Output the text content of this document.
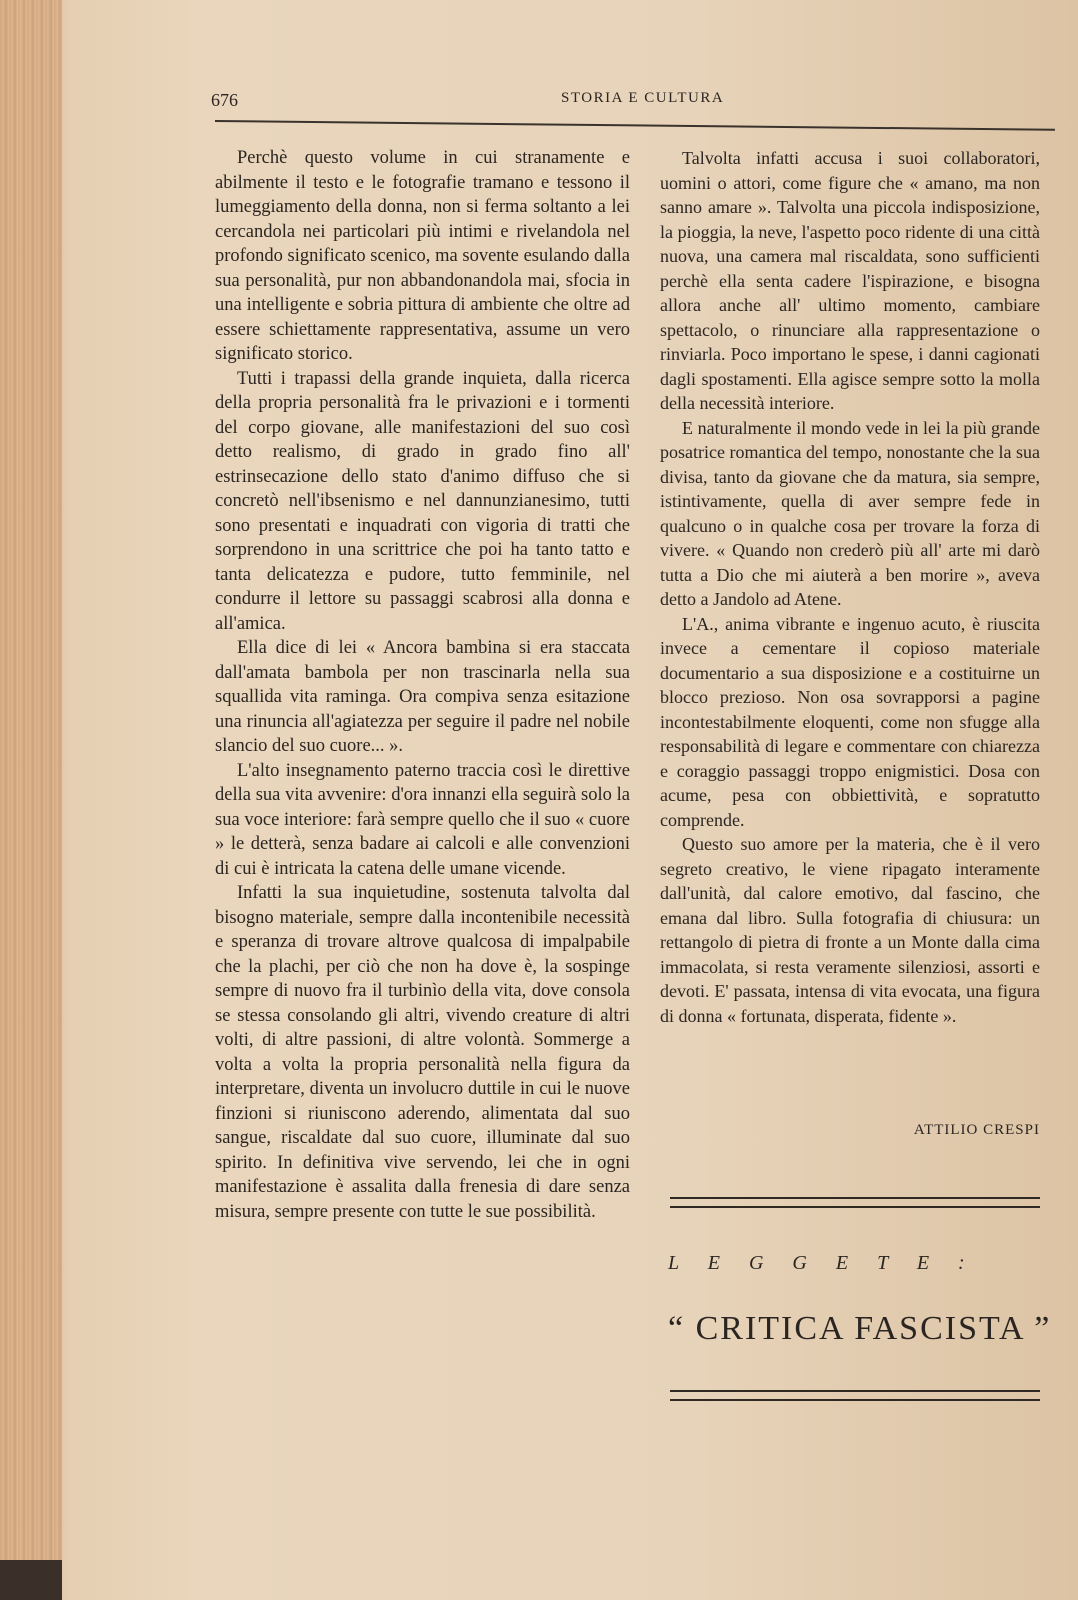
676	STORIA E CULTURA

Perchè questo volume in cui stranamente e abilmente il testo e le fotografie tramano e tessono il lumeggiamento della donna, non si ferma soltanto a lei cercandola nei particolari più intimi e rivelandola nel profondo significato scenico, ma sovente esulando dalla sua personalità, pur non abbandonandola mai, sfocia in una intelligente e sobria pittura di ambiente che oltre ad essere schiettamente rappresentativa, assume un vero significato storico.

Tutti i trapassi della grande inquieta, dalla ricerca della propria personalità fra le privazioni e i tormenti del corpo giovane, alle manifestazioni del suo così detto realismo, di grado in grado fino all' estrinsecazione dello stato d'animo diffuso che si concretò nell'ibsenismo e nel dannunzianesimo, tutti sono presentati e inquadrati con vigoria di tratti che sorprendono in una scrittrice che poi ha tanto tatto e tanta delicatezza e pudore, tutto femminile, nel condurre il lettore su passaggi scabrosi alla donna e all'amica.

Ella dice di lei « Ancora bambina si era staccata dall'amata bambola per non trascinarla nella sua squallida vita raminga. Ora compiva senza esitazione una rinuncia all'agiatezza per seguire il padre nel nobile slancio del suo cuore... ».

L'alto insegnamento paterno traccia così le direttive della sua vita avvenire: d'ora innanzi ella seguirà solo la sua voce interiore: farà sempre quello che il suo « cuore » le detterà, senza badare ai calcoli e alle convenzioni di cui è intricata la catena delle umane vicende.

Infatti la sua inquietudine, sostenuta talvolta dal bisogno materiale, sempre dalla incontenibile necessità e speranza di trovare altrove qualcosa di impalpabile che la plachi, per ciò che non ha dove è, la sospinge sempre di nuovo fra il turbinìo della vita, dove consola se stessa consolando gli altri, vivendo creature di altri volti, di altre passioni, di altre volontà. Sommerge a volta a volta la propria personalità nella figura da interpretare, diventa un involucro duttile in cui le nuove finzioni si riuniscono aderendo, alimentata dal suo sangue, riscaldate dal suo cuore, illuminate dal suo spirito. In definitiva vive servendo, lei che in ogni manifestazione è assalita dalla frenesia di dare senza misura, sempre presente con tutte le sue possibilità.

Talvolta infatti accusa i suoi collaboratori, uomini o attori, come figure che « amano, ma non sanno amare ». Talvolta una piccola indisposizione, la pioggia, la neve, l'aspetto poco ridente di una città nuova, una camera mal riscaldata, sono sufficienti perchè ella senta cadere l'ispirazione, e bisogna allora anche all' ultimo momento, cambiare spettacolo, o rinunciare alla rappresentazione o rinviarla. Poco importano le spese, i danni cagionati dagli spostamenti. Ella agisce sempre sotto la molla della necessità interiore.

E naturalmente il mondo vede in lei la più grande posatrice romantica del tempo, nonostante che la sua divisa, tanto da giovane che da matura, sia sempre, istintivamente, quella di aver sempre fede in qualcuno o in qualche cosa per trovare la forza di vivere. « Quando non crederò più all' arte mi darò tutta a Dio che mi aiuterà a ben morire », aveva detto a Jandolo ad Atene.

L'A., anima vibrante e ingenuo acuto, è riuscita invece a cementare il copioso materiale documentario a sua disposizione e a costituirne un blocco prezioso. Non osa sovrapporsi a pagine incontestabilmente eloquenti, come non sfugge alla responsabilità di legare e commentare con chiarezza e coraggio passaggi troppo enigmistici. Dosa con acume, pesa con obbiettività, e sopratutto comprende.

Questo suo amore per la materia, che è il vero segreto creativo, le viene ripagato interamente dall'unità, dal calore emotivo, dal fascino, che emana dal libro. Sulla fotografia di chiusura: un rettangolo di pietra di fronte a un Monte dalla cima immacolata, si resta veramente silenziosi, assorti e devoti. E' passata, intensa di vita evocata, una figura di donna « fortunata, disperata, fidente ».

ATTILIO CRESPI
L E G G E T E :
“ CRITICA FASCISTA ”
